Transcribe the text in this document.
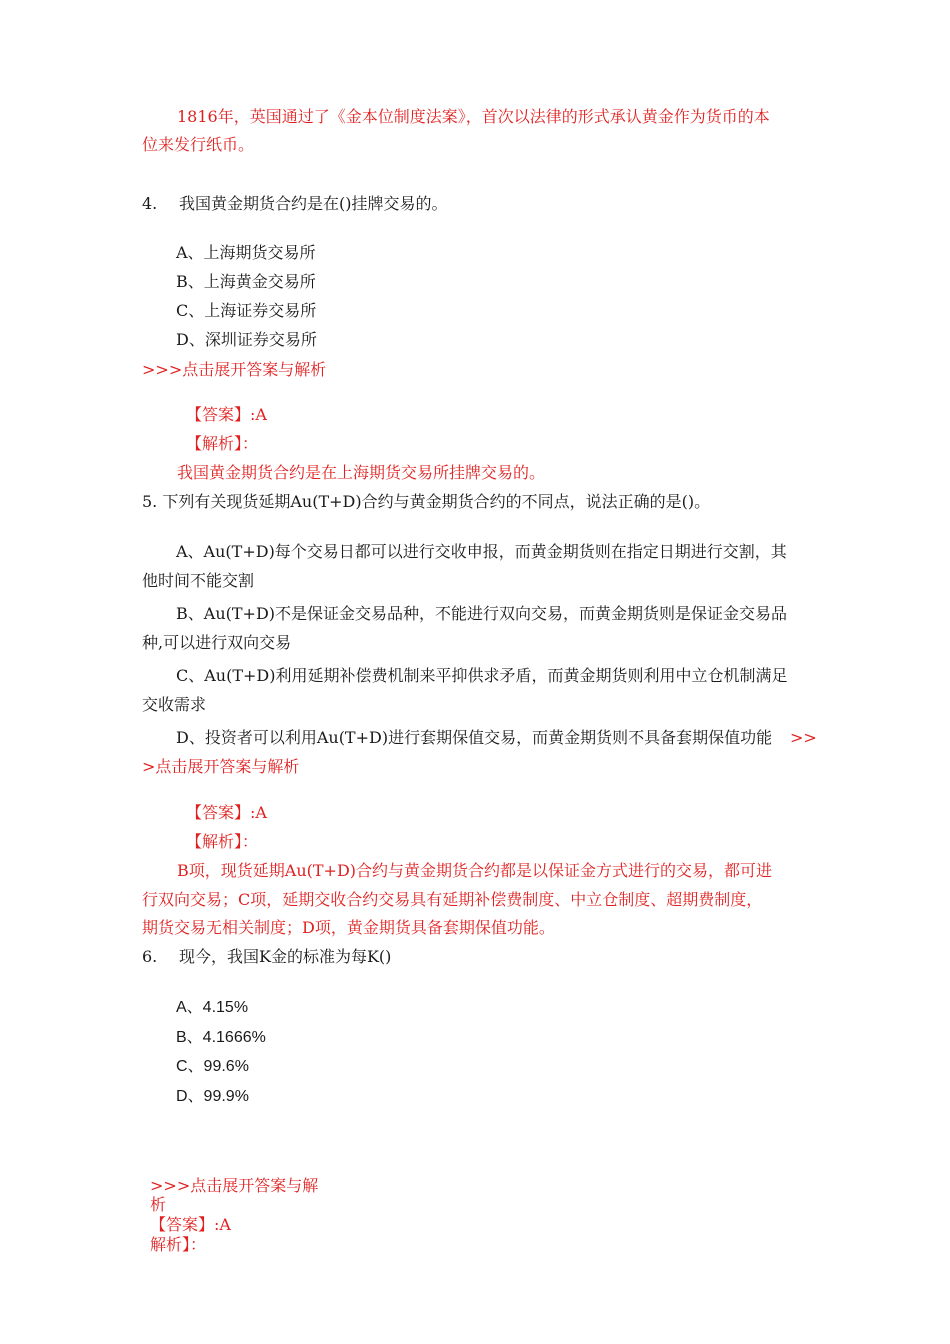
1816年，英国通过了《金本位制度法案》，首次以法律的形式承认黄金作为货币的本
位来发行纸币。
4. 我国黄金期货合约是在()挂牌交易的。
A、上海期货交易所
B、上海黄金交易所
C、上海证券交易所
D、深圳证券交易所
>>>点击展开答案与解析
【答案】:A
【解析】：
我国黄金期货合约是在上海期货交易所挂牌交易的。
5. 下列有关现货延期Au(T+D)合约与黄金期货合约的不同点，说法正确的是()。
A、Au(T+D)每个交易日都可以进行交收申报，而黄金期货则在指定日期进行交割，其
他时间不能交割
B、Au(T+D)不是保证金交易品种，不能进行双向交易，而黄金期货则是保证金交易品
种,可以进行双向交易
C、Au(T+D)利用延期补偿费机制来平抑供求矛盾，而黄金期货则利用中立仓机制满足
交收需求
D、投资者可以利用Au(T+D)进行套期保值交易，而黄金期货则不具备套期保值功能 >>
>点击展开答案与解析
【答案】:A
【解析】：
B项，现货延期Au(T+D)合约与黄金期货合约都是以保证金方式进行的交易，都可进
行双向交易；C项，延期交收合约交易具有延期补偿费制度、中立仓制度、超期费制度，
期货交易无相关制度；D项，黄金期货具备套期保值功能。
6. 现今，我国K金的标准为每K()
A、4.15%
B、4.1666%
C、99.6%
D、99.9%
>>>点击展开答案与解
析
【答案】:A
解析】：
